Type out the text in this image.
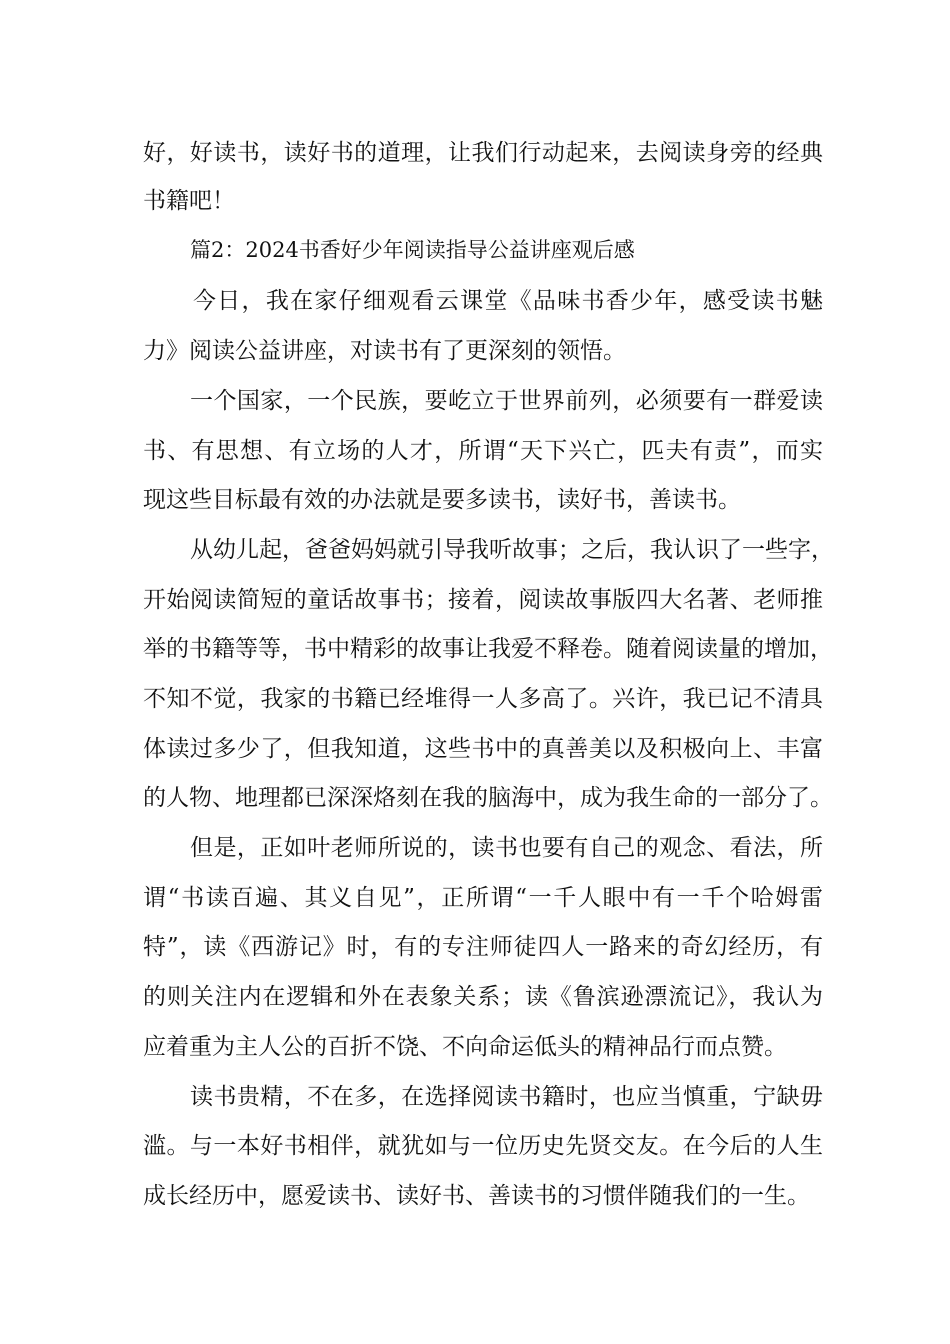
好，好读书，读好书的道理，让我们行动起来，去阅读身旁的经典
书籍吧！
篇2：2024书香好少年阅读指导公益讲座观后感
今日，我在家仔细观看云课堂《品味书香少年，感受读书魅
力》阅读公益讲座，对读书有了更深刻的领悟。
一个国家，一个民族，要屹立于世界前列，必须要有一群爱读
书、有思想、有立场的人才，所谓“天下兴亡，匹夫有责”，而实
现这些目标最有效的办法就是要多读书，读好书，善读书。
从幼儿起，爸爸妈妈就引导我听故事；之后，我认识了一些字，
开始阅读简短的童话故事书；接着，阅读故事版四大名著、老师推
举的书籍等等，书中精彩的故事让我爱不释卷。随着阅读量的增加，
不知不觉，我家的书籍已经堆得一人多高了。兴许，我已记不清具
体读过多少了，但我知道，这些书中的真善美以及积极向上、丰富
的人物、地理都已深深烙刻在我的脑海中，成为我生命的一部分了。
但是，正如叶老师所说的，读书也要有自己的观念、看法，所
谓“书读百遍、其义自见”，正所谓“一千人眼中有一千个哈姆雷
特”，读《西游记》时，有的专注师徒四人一路来的奇幻经历，有
的则关注内在逻辑和外在表象关系；读《鲁滨逊漂流记》，我认为
应着重为主人公的百折不饶、不向命运低头的精神品行而点赞。
读书贵精，不在多，在选择阅读书籍时，也应当慎重，宁缺毋
滥。与一本好书相伴，就犹如与一位历史先贤交友。在今后的人生
成长经历中，愿爱读书、读好书、善读书的习惯伴随我们的一生。
